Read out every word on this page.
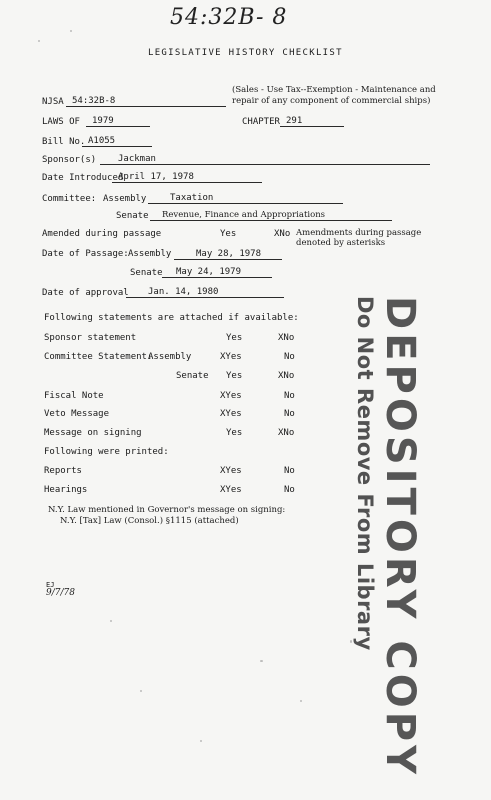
54:32B- 8
LEGISLATIVE HISTORY CHECKLIST
NJSA 54:32B-8
(Sales - Use Tax--Exemption - Maintenance and repair of any component of commercial ships)
LAWS OF	1979	CHAPTER 291
Bill No. A1055
Sponsor(s)	Jackman
Date Introduced
April 17, 1978
Committee: Assembly	Taxation
Senate	Revenue, Finance and Appropriations
Amended during passage	Yes	XNo Amendments during passage denoted by asterisks
Date of Passage: Assembly	May 28, 1978
Senate	May 24, 1979
Date of approval	Jan. 14, 1980
Following statements are attached if available:
Sponsor statement	Yes	XNo
Committee Statement:
Assembly	XYes	No
Senate Yes	XNo
Fiscal Note	XYes	No
Veto Message	XYes	No
Message on signing	Yes	XNo
Following were printed:
Reports	XYes	No
Hearings	XYes	No
N.Y. Law mentioned in Governor's message on signing:
N.Y. [Tax] Law (Consol.) §1115 (attached)
EJ
9/7/78	DEPOSITORY COPY
Do Not Remove From Library
